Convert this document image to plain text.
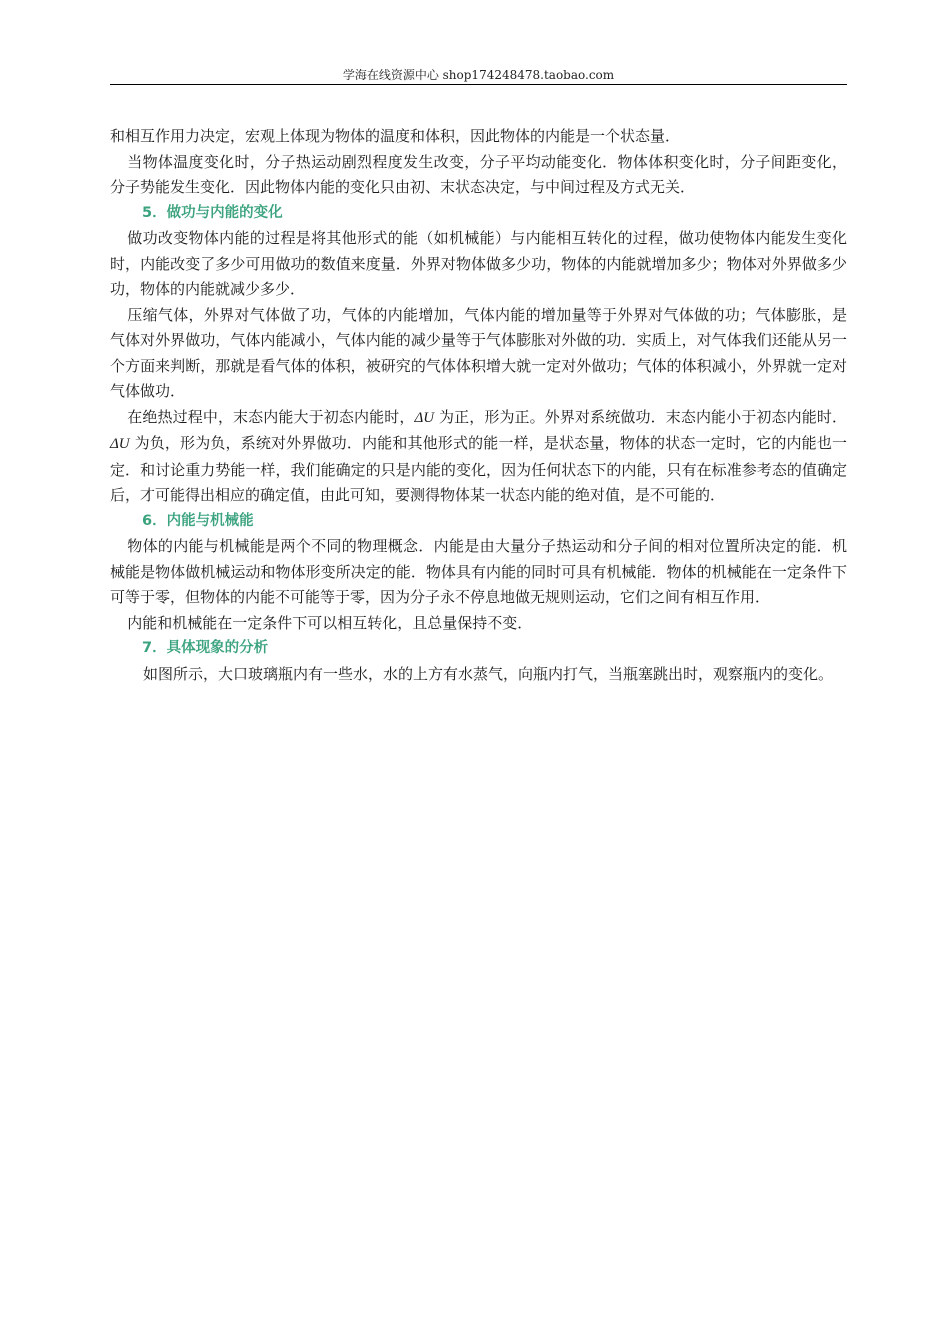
学海在线资源中心 shop174248478.taobao.com

和相互作用力决定，宏观上体现为物体的温度和体积，因此物体的内能是一个状态量．

当物体温度变化时，分子热运动剧烈程度发生改变，分子平均动能变化．物体体积变化时，分子间距变化，分子势能发生变化．因此物体内能的变化只由初、末状态决定，与中间过程及方式无关．

5．做功与内能的变化

做功改变物体内能的过程是将其他形式的能（如机械能）与内能相互转化的过程，做功使物体内能发生变化时，内能改变了多少可用做功的数值来度量．外界对物体做多少功，物体的内能就增加多少；物体对外界做多少功，物体的内能就减少多少．

压缩气体，外界对气体做了功，气体的内能增加，气体内能的增加量等于外界对气体做的功；气体膨胀，是气体对外界做功，气体内能减小，气体内能的减少量等于气体膨胀对外做的功．实质上，对气体我们还能从另一个方面来判断，那就是看气体的体积，被研究的气体体积增大就一定对外做功；气体的体积减小，外界就一定对气体做功．

在绝热过程中，末态内能大于初态内能时，ΔU 为正，形为正。外界对系统做功．末态内能小于初态内能时．ΔU 为负，形为负，系统对外界做功．内能和其他形式的能一样，是状态量，物体的状态一定时，它的内能也一定．和讨论重力势能一样，我们能确定的只是内能的变化，因为任何状态下的内能，只有在标准参考态的值确定后，才可能得出相应的确定值，由此可知，要测得物体某一状态内能的绝对值，是不可能的．

6．内能与机械能

物体的内能与机械能是两个不同的物理概念．内能是由大量分子热运动和分子间的相对位置所决定的能．机械能是物体做机械运动和物体形变所决定的能．物体具有内能的同时可具有机械能．物体的机械能在一定条件下可等于零，但物体的内能不可能等于零，因为分子永不停息地做无规则运动，它们之间有相互作用．

内能和机械能在一定条件下可以相互转化，且总量保持不变．

7．具体现象的分析

如图所示，大口玻璃瓶内有一些水，水的上方有水蒸气，向瓶内打气，当瓶塞跳出时，观察瓶内的变化。
